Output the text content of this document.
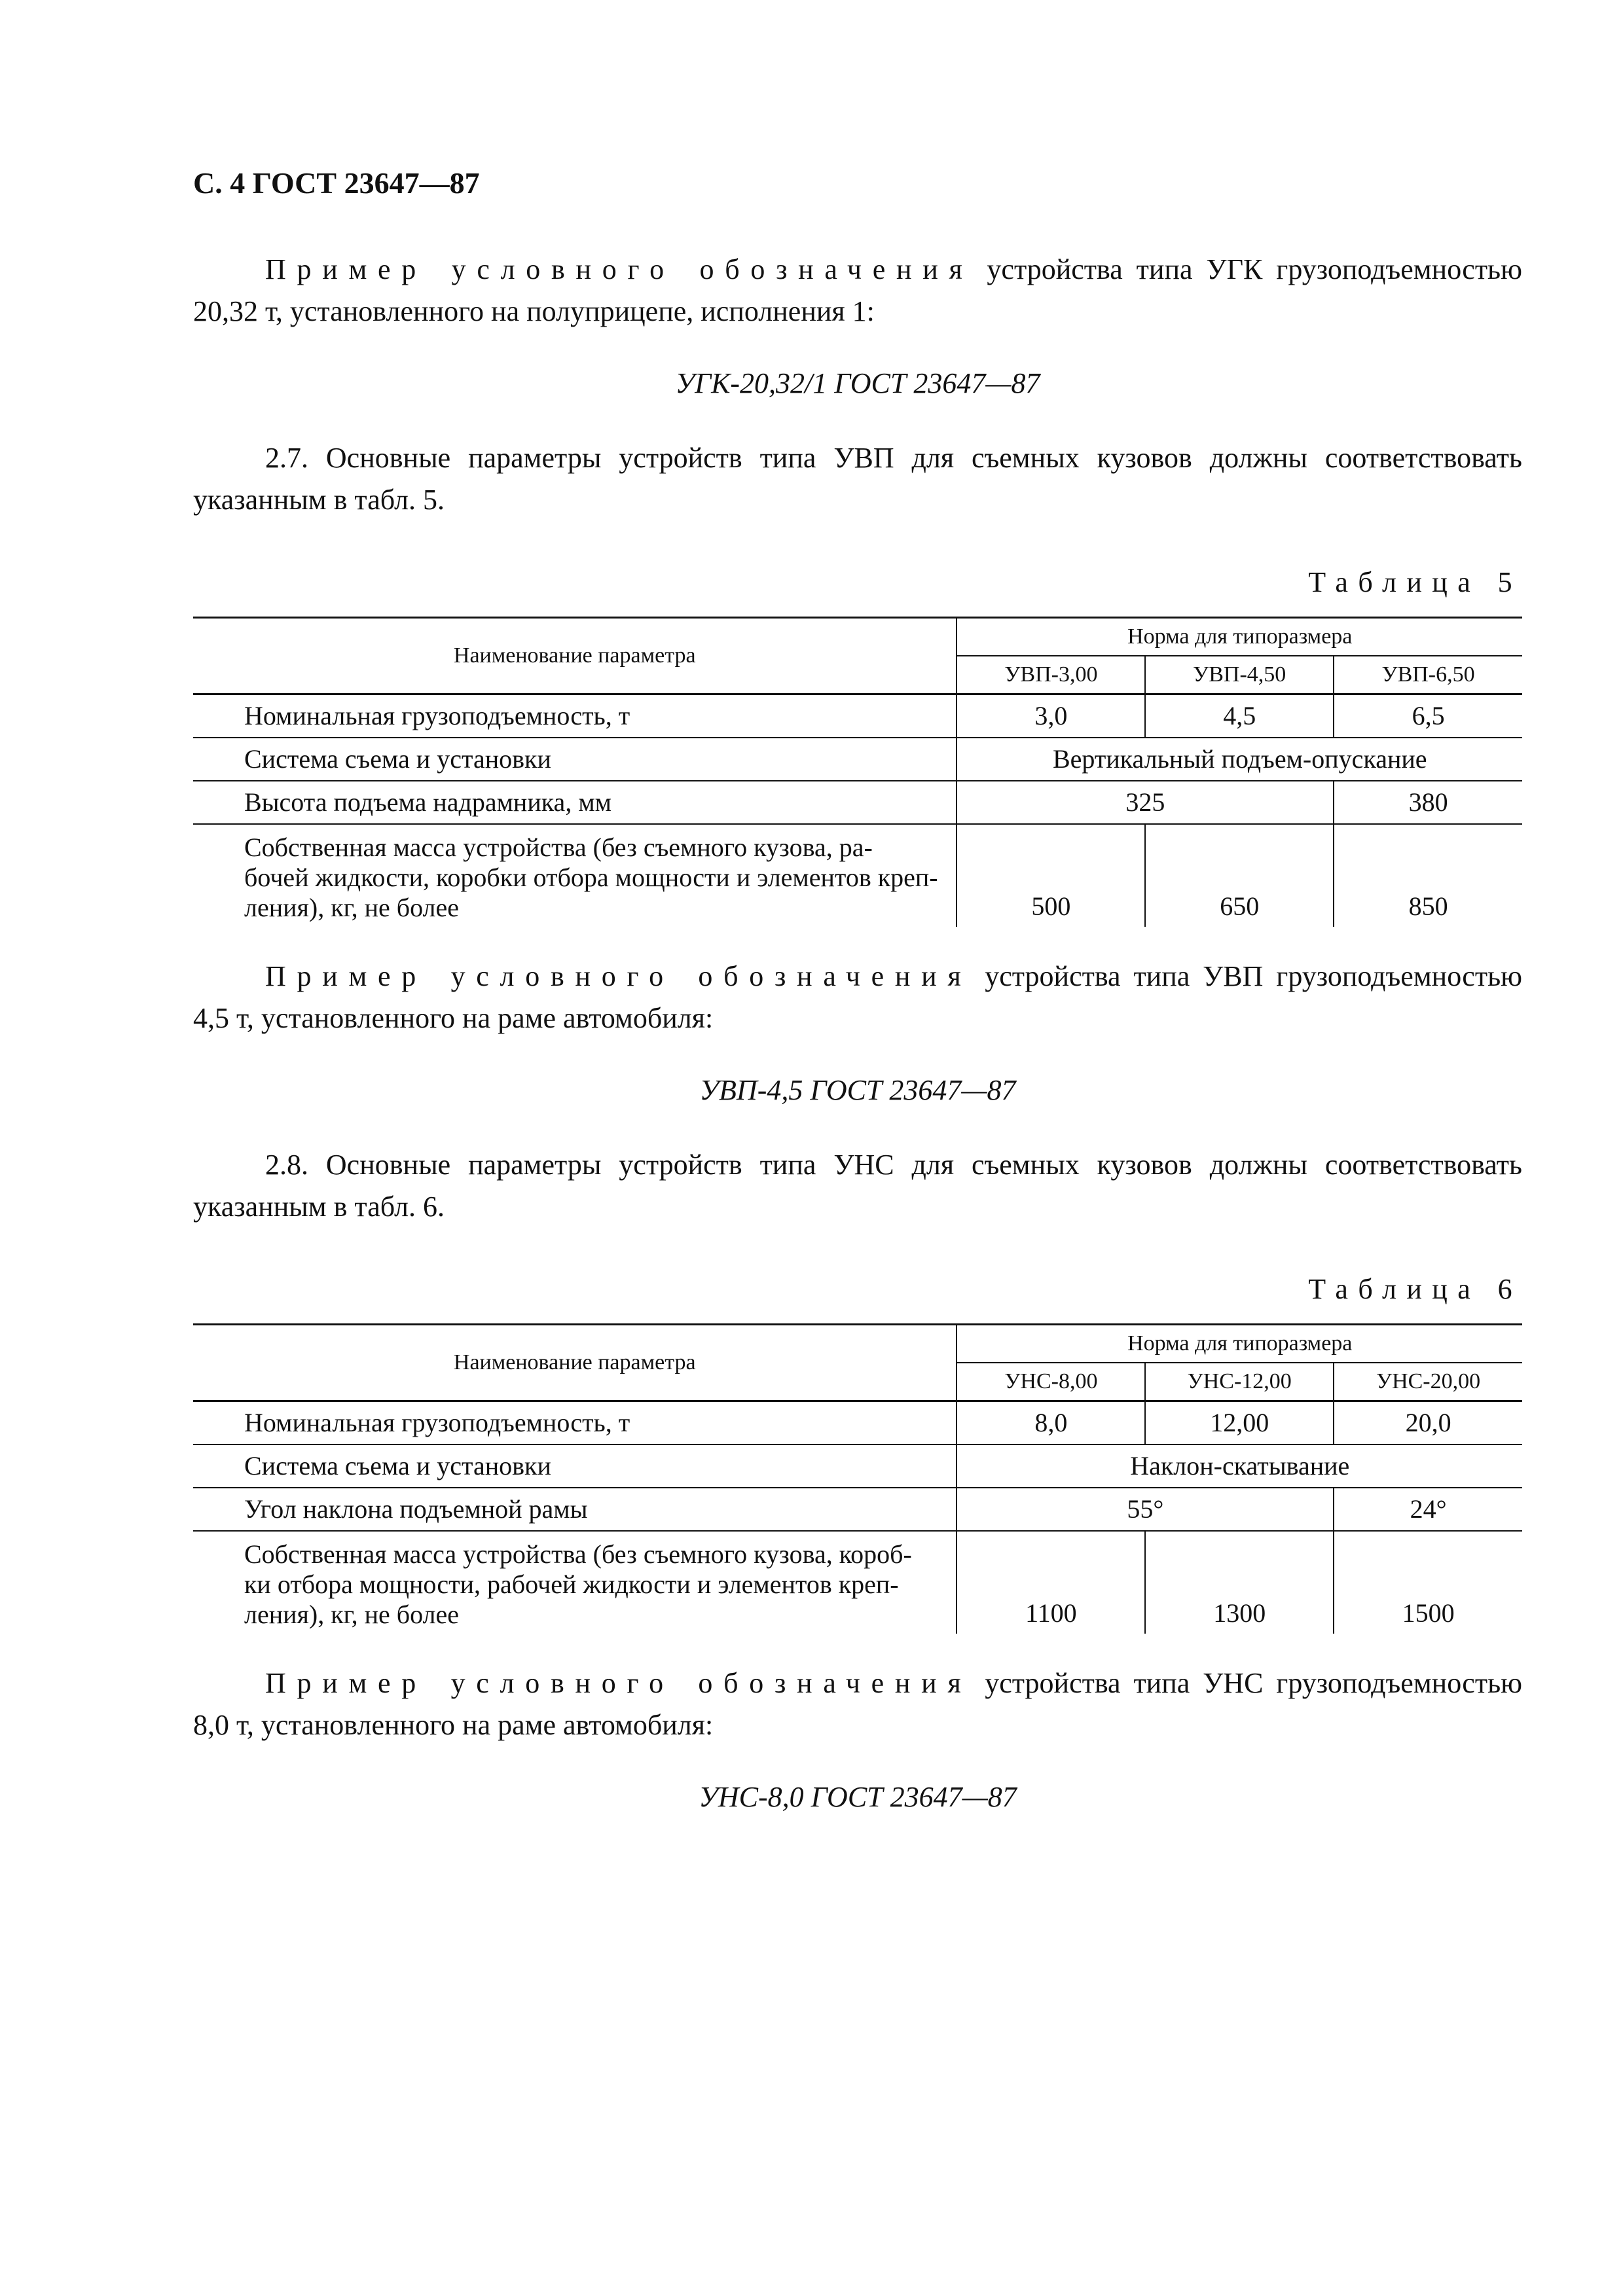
С. 4 ГОСТ 23647—87

Пример условного обозначения устройства типа УГК грузоподъемностью 20,32 т, установленного на полуприцепе, исполнения 1:

УГК-20,32/1 ГОСТ 23647—87

2.7. Основные параметры устройств типа УВП для съемных кузовов должны соответствовать указанным в табл. 5.

Таблица 5
Наименование параметра	Норма для типоразмера		
	УВП-3,00	УВП-4,50	УВП-6,50
Номинальная грузоподъемность, т	3,0	4,5	6,5
Система съема и установки	Вертикальный подъем-опускание		
Высота подъема надрамника, мм	325		380

Собственная масса устройства (без съемного кузова, ра-
бочей жидкости, коробки отбора мощности и элементов креп-
ления), кг, не более	500	650	850

Пример условного обозначения устройства типа УВП грузоподъемностью 4,5 т, установленного на раме автомобиля:

УВП-4,5 ГОСТ 23647—87

2.8. Основные параметры устройств типа УНС для съемных кузовов должны соответствовать указанным в табл. 6.

Таблица 6
Наименование параметра	Норма для типоразмера		
	УНС-8,00	УНС-12,00	УНС-20,00
Номинальная грузоподъемность, т	8,0	12,00	20,0
Система съема и установки	Наклон-скатывание		
Угол наклона подъемной рамы	55°		24°

Собственная масса устройства (без съемного кузова, короб-
ки отбора мощности, рабочей жидкости и элементов креп-
ления), кг, не более	1100	1300	1500

Пример условного обозначения устройства типа УНС грузоподъемностью 8,0 т, установленного на раме автомобиля:

УНС-8,0 ГОСТ 23647—87
